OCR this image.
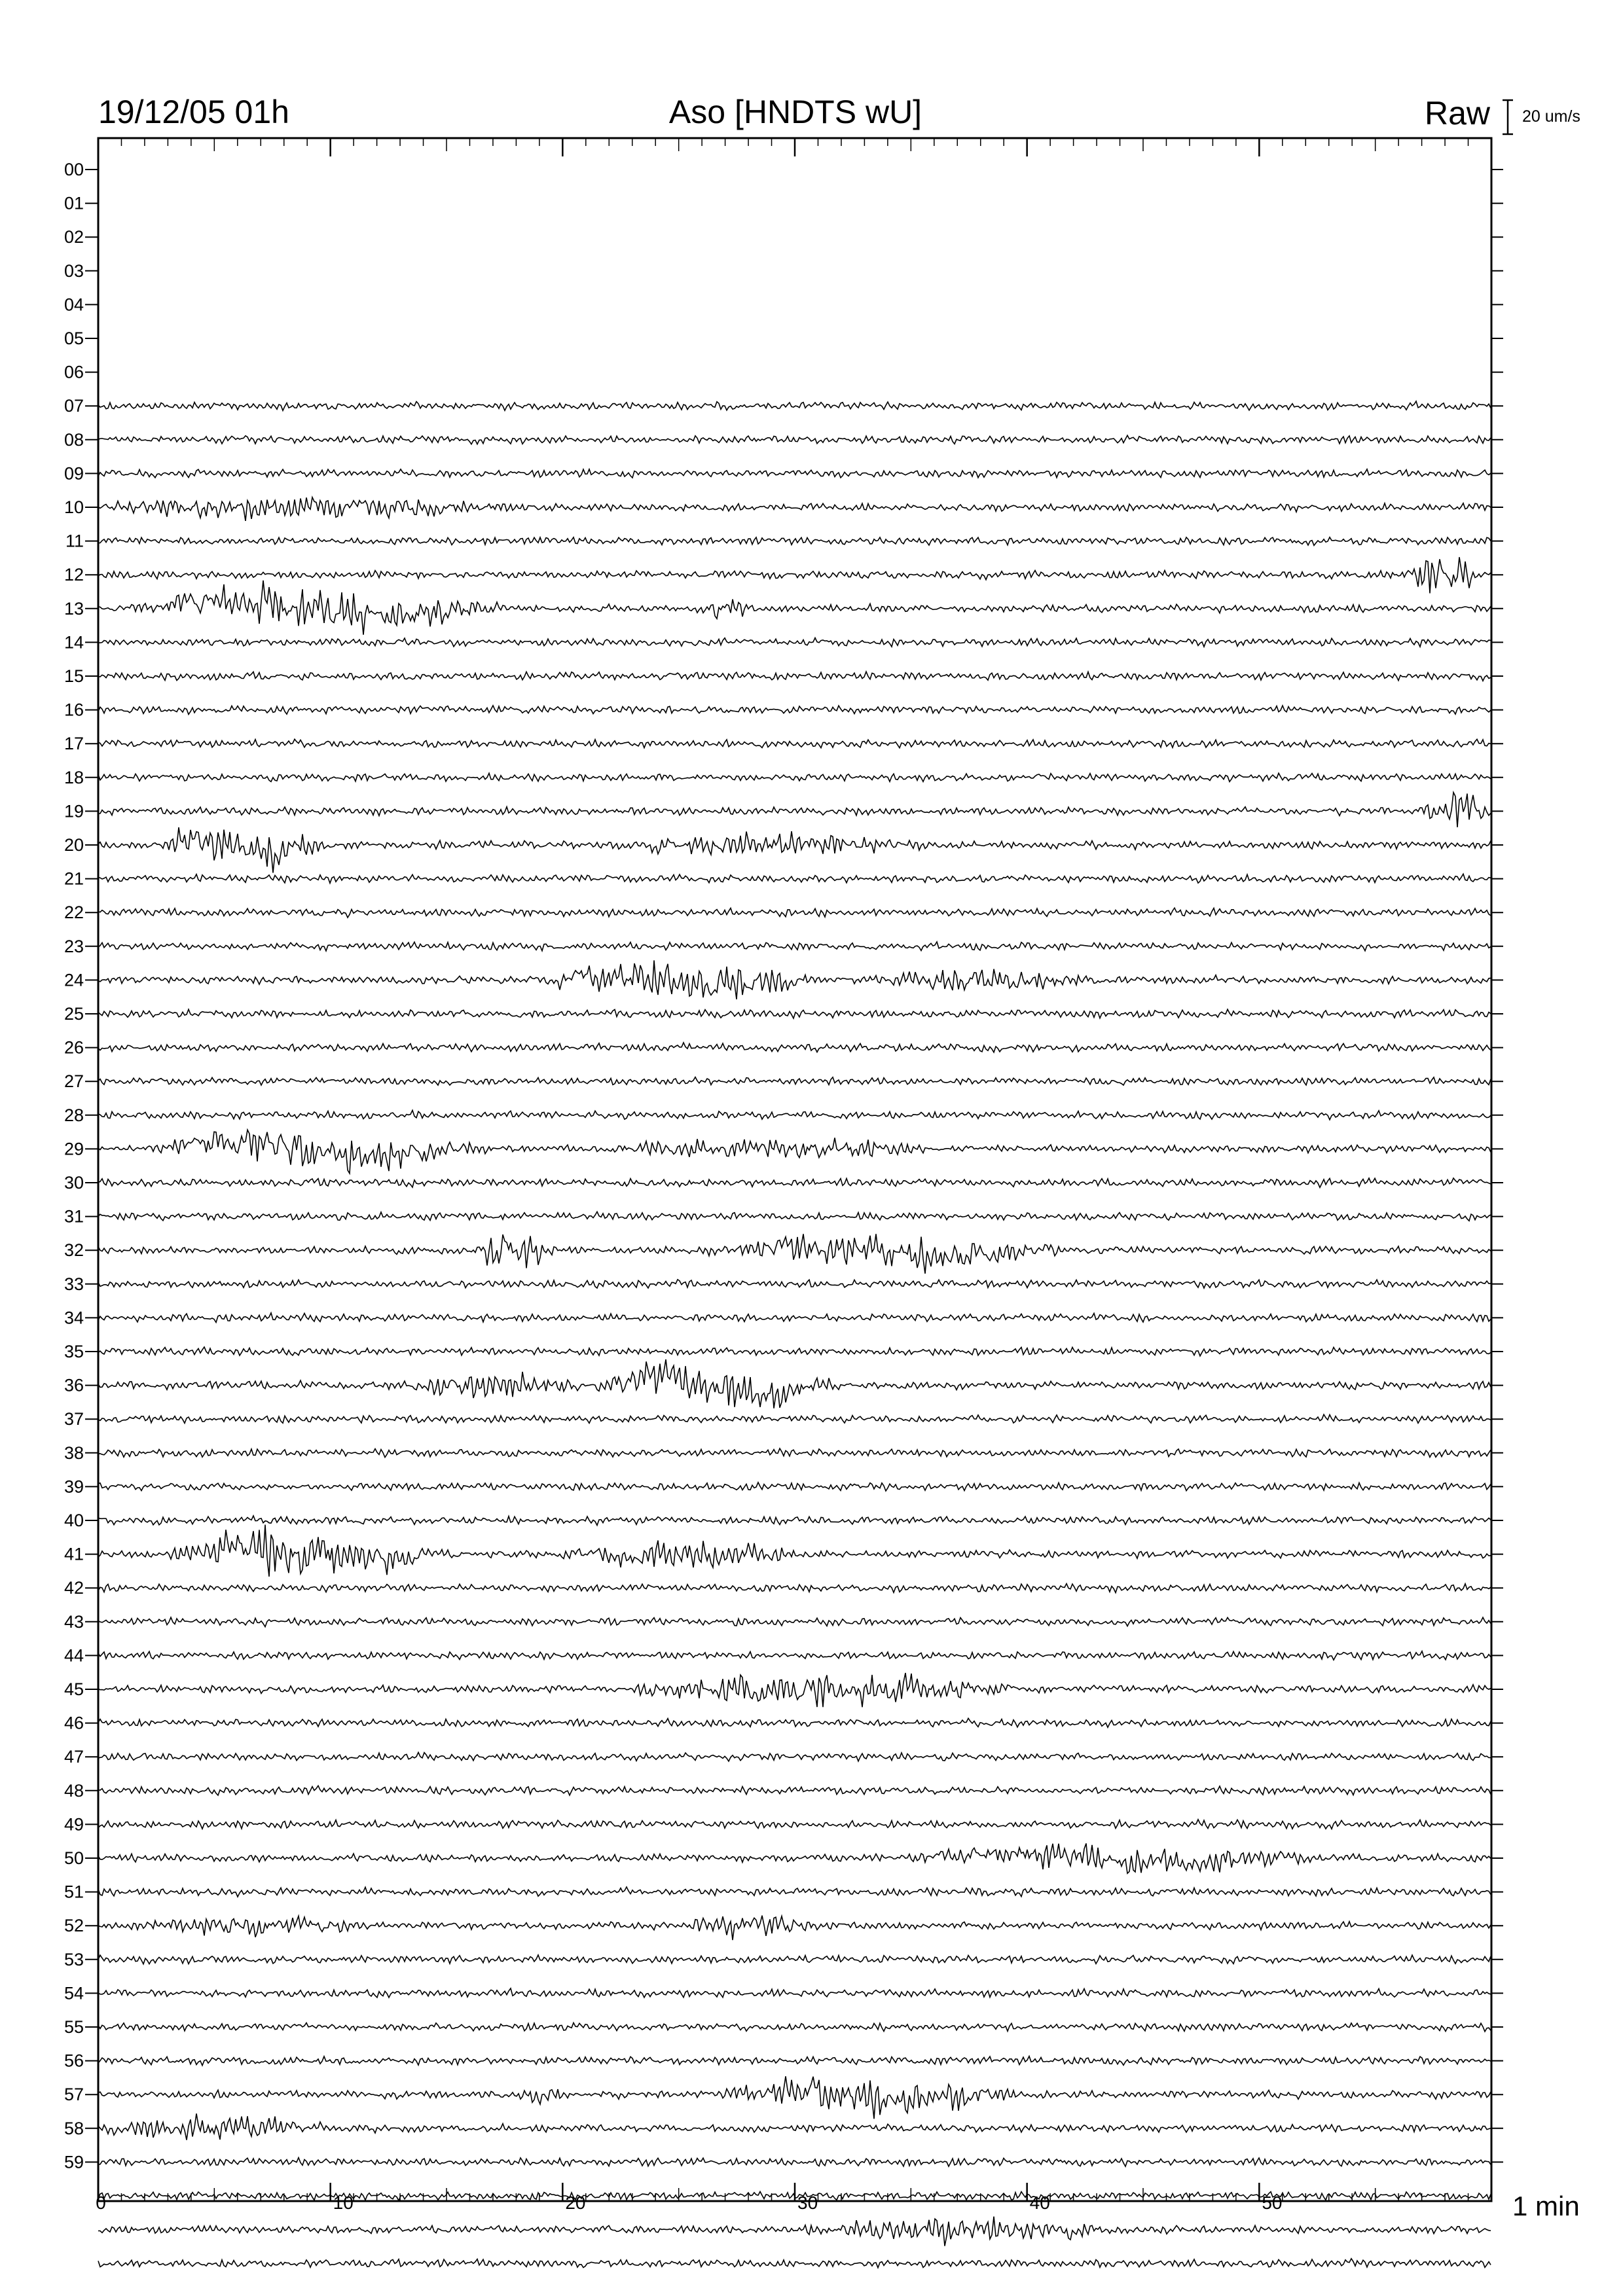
19/12/05 01h	Aso [HNDTS wU]	Raw 20 um/s
00
01
02
03
04
05
06
07
08
09
10
11
12
13
14
15
16
17
18
19
20
21
22
23
24
25
26
27
28
29
30
31
32
33
34
35
36
37
38
39
40
41
42
43
44
45
46
47
48
49
50
51
52
53
54
55
56
57
58
59
0	10	20	30	40	50	1 min
